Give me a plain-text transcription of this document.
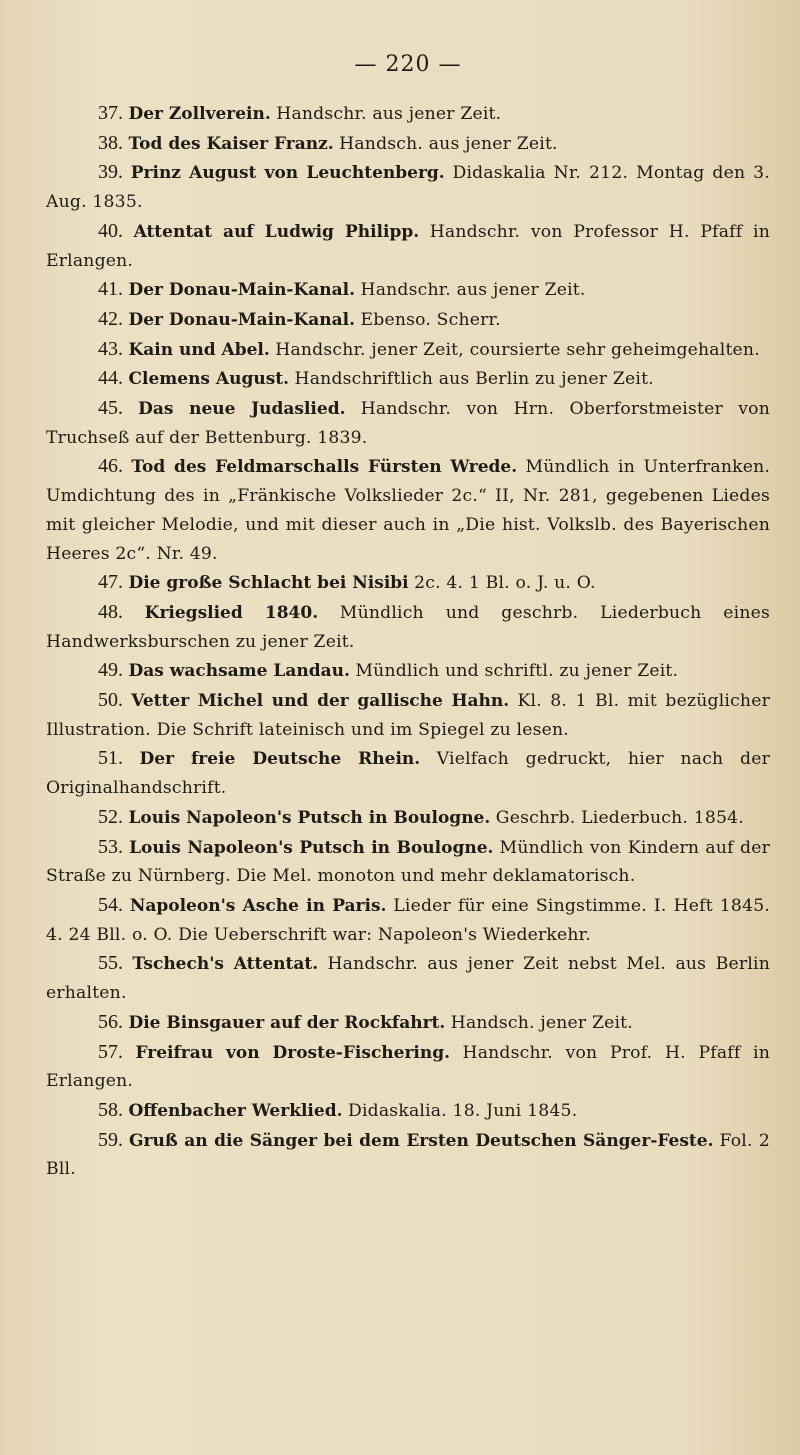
— 220 —

37. Der Zollverein. Handschr. aus jener Zeit.

38. Tod des Kaiser Franz. Handsch. aus jener Zeit.

39. Prinz August von Leuchtenberg. Didaskalia Nr. 212. Montag den 3. Aug. 1835.

40. Attentat auf Ludwig Philipp. Handschr. von Professor H. Pfaff in Erlangen.

41. Der Donau-Main-Kanal. Handschr. aus jener Zeit.

42. Der Donau-Main-Kanal. Ebenso. Scherr.

43. Kain und Abel. Handschr. jener Zeit, coursierte sehr geheimgehalten.

44. Clemens August. Handschriftlich aus Berlin zu jener Zeit.

45. Das neue Judaslied. Handschr. von Hrn. Oberforstmeister von Truchseß auf der Bettenburg. 1839.

46. Tod des Feldmarschalls Fürsten Wrede. Mündlich in Unterfranken. Umdichtung des in „Fränkische Volkslieder 2c.“ II, Nr. 281, gegebenen Liedes mit gleicher Melodie, und mit dieser auch in „Die hist. Volkslb. des Bayerischen Heeres 2c“. Nr. 49.

47. Die große Schlacht bei Nisibi 2c. 4. 1 Bl. o. J. u. O.

48. Kriegslied 1840. Mündlich und geschrb. Liederbuch eines Handwerksburschen zu jener Zeit.

49. Das wachsame Landau. Mündlich und schriftl. zu jener Zeit.

50. Vetter Michel und der gallische Hahn. Kl. 8. 1 Bl. mit bezüglicher Illustration. Die Schrift lateinisch und im Spiegel zu lesen.

51. Der freie Deutsche Rhein. Vielfach gedruckt, hier nach der Originalhandschrift.

52. Louis Napoleon's Putsch in Boulogne. Geschrb. Liederbuch. 1854.

53. Louis Napoleon's Putsch in Boulogne. Mündlich von Kindern auf der Straße zu Nürnberg. Die Mel. monoton und mehr deklamatorisch.

54. Napoleon's Asche in Paris. Lieder für eine Singstimme. I. Heft 1845. 4. 24 Bll. o. O. Die Ueberschrift war: Napoleon's Wiederkehr.

55. Tschech's Attentat. Handschr. aus jener Zeit nebst Mel. aus Berlin erhalten.

56. Die Binsgauer auf der Rockfahrt. Handsch. jener Zeit.

57. Freifrau von Droste-Fischering. Handschr. von Prof. H. Pfaff in Erlangen.

58. Offenbacher Werklied. Didaskalia. 18. Juni 1845.

59. Gruß an die Sänger bei dem Ersten Deutschen Sänger-Feste. Fol. 2 Bll.
